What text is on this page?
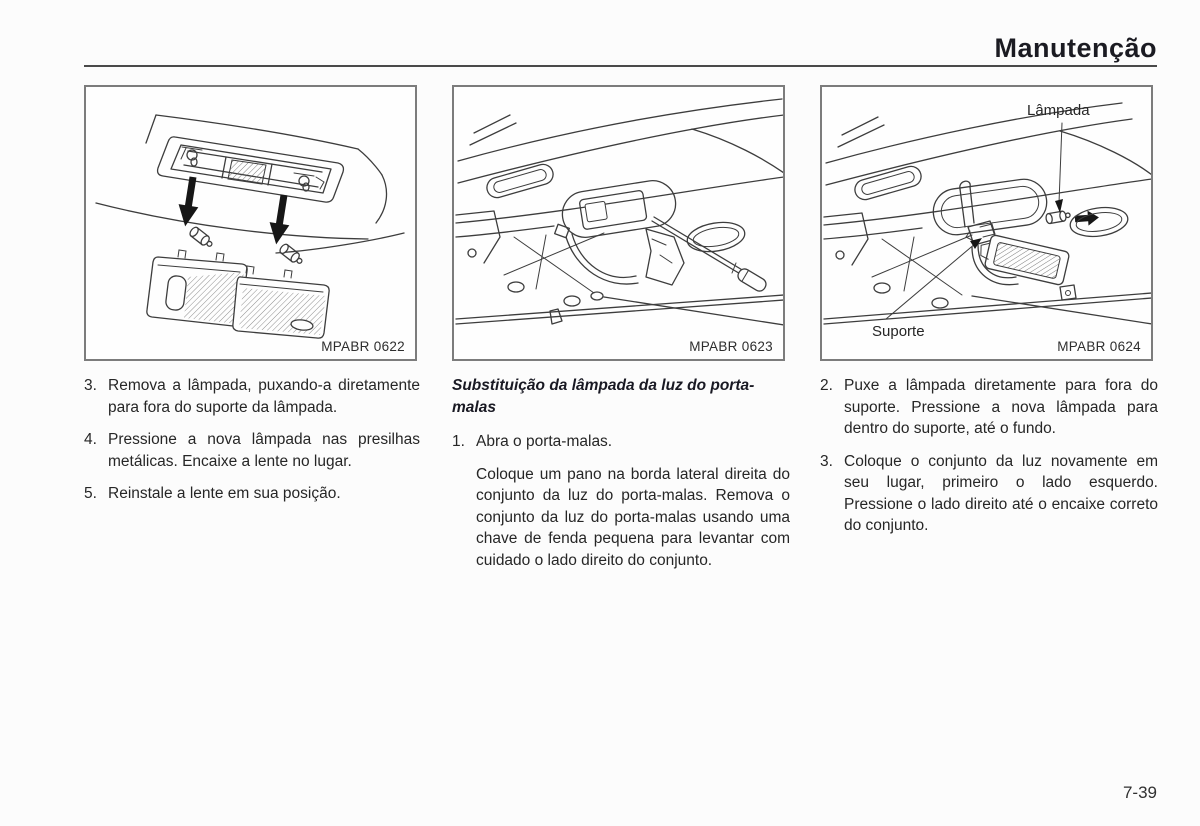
Manutenção
MPABR 0622	MPABR 0623
Lâmpada
Suporte
MPABR 0624
3. Remova a lâmpada, puxando-a diretamente para fora do suporte da lâmpada.
4. Pressione a nova lâmpada nas presilhas metálicas. Encaixe a lente no lugar.
5. Reinstale a lente em sua posição.
Substituição da lâmpada da luz do porta-malas
1. Abra o porta-malas.
Coloque um pano na borda lateral direita do conjunto da luz do porta-malas. Remova o conjunto da luz do porta-malas usando uma chave de fenda pequena para levantar com cuidado o lado direito do conjunto.
2. Puxe a lâmpada diretamente para fora do suporte. Pressione a nova lâmpada para dentro do suporte, até o fundo.
3. Coloque o conjunto da luz novamente em seu lugar, primeiro o lado esquerdo. Pressione o lado direito até o encaixe correto do conjunto.
7-39
